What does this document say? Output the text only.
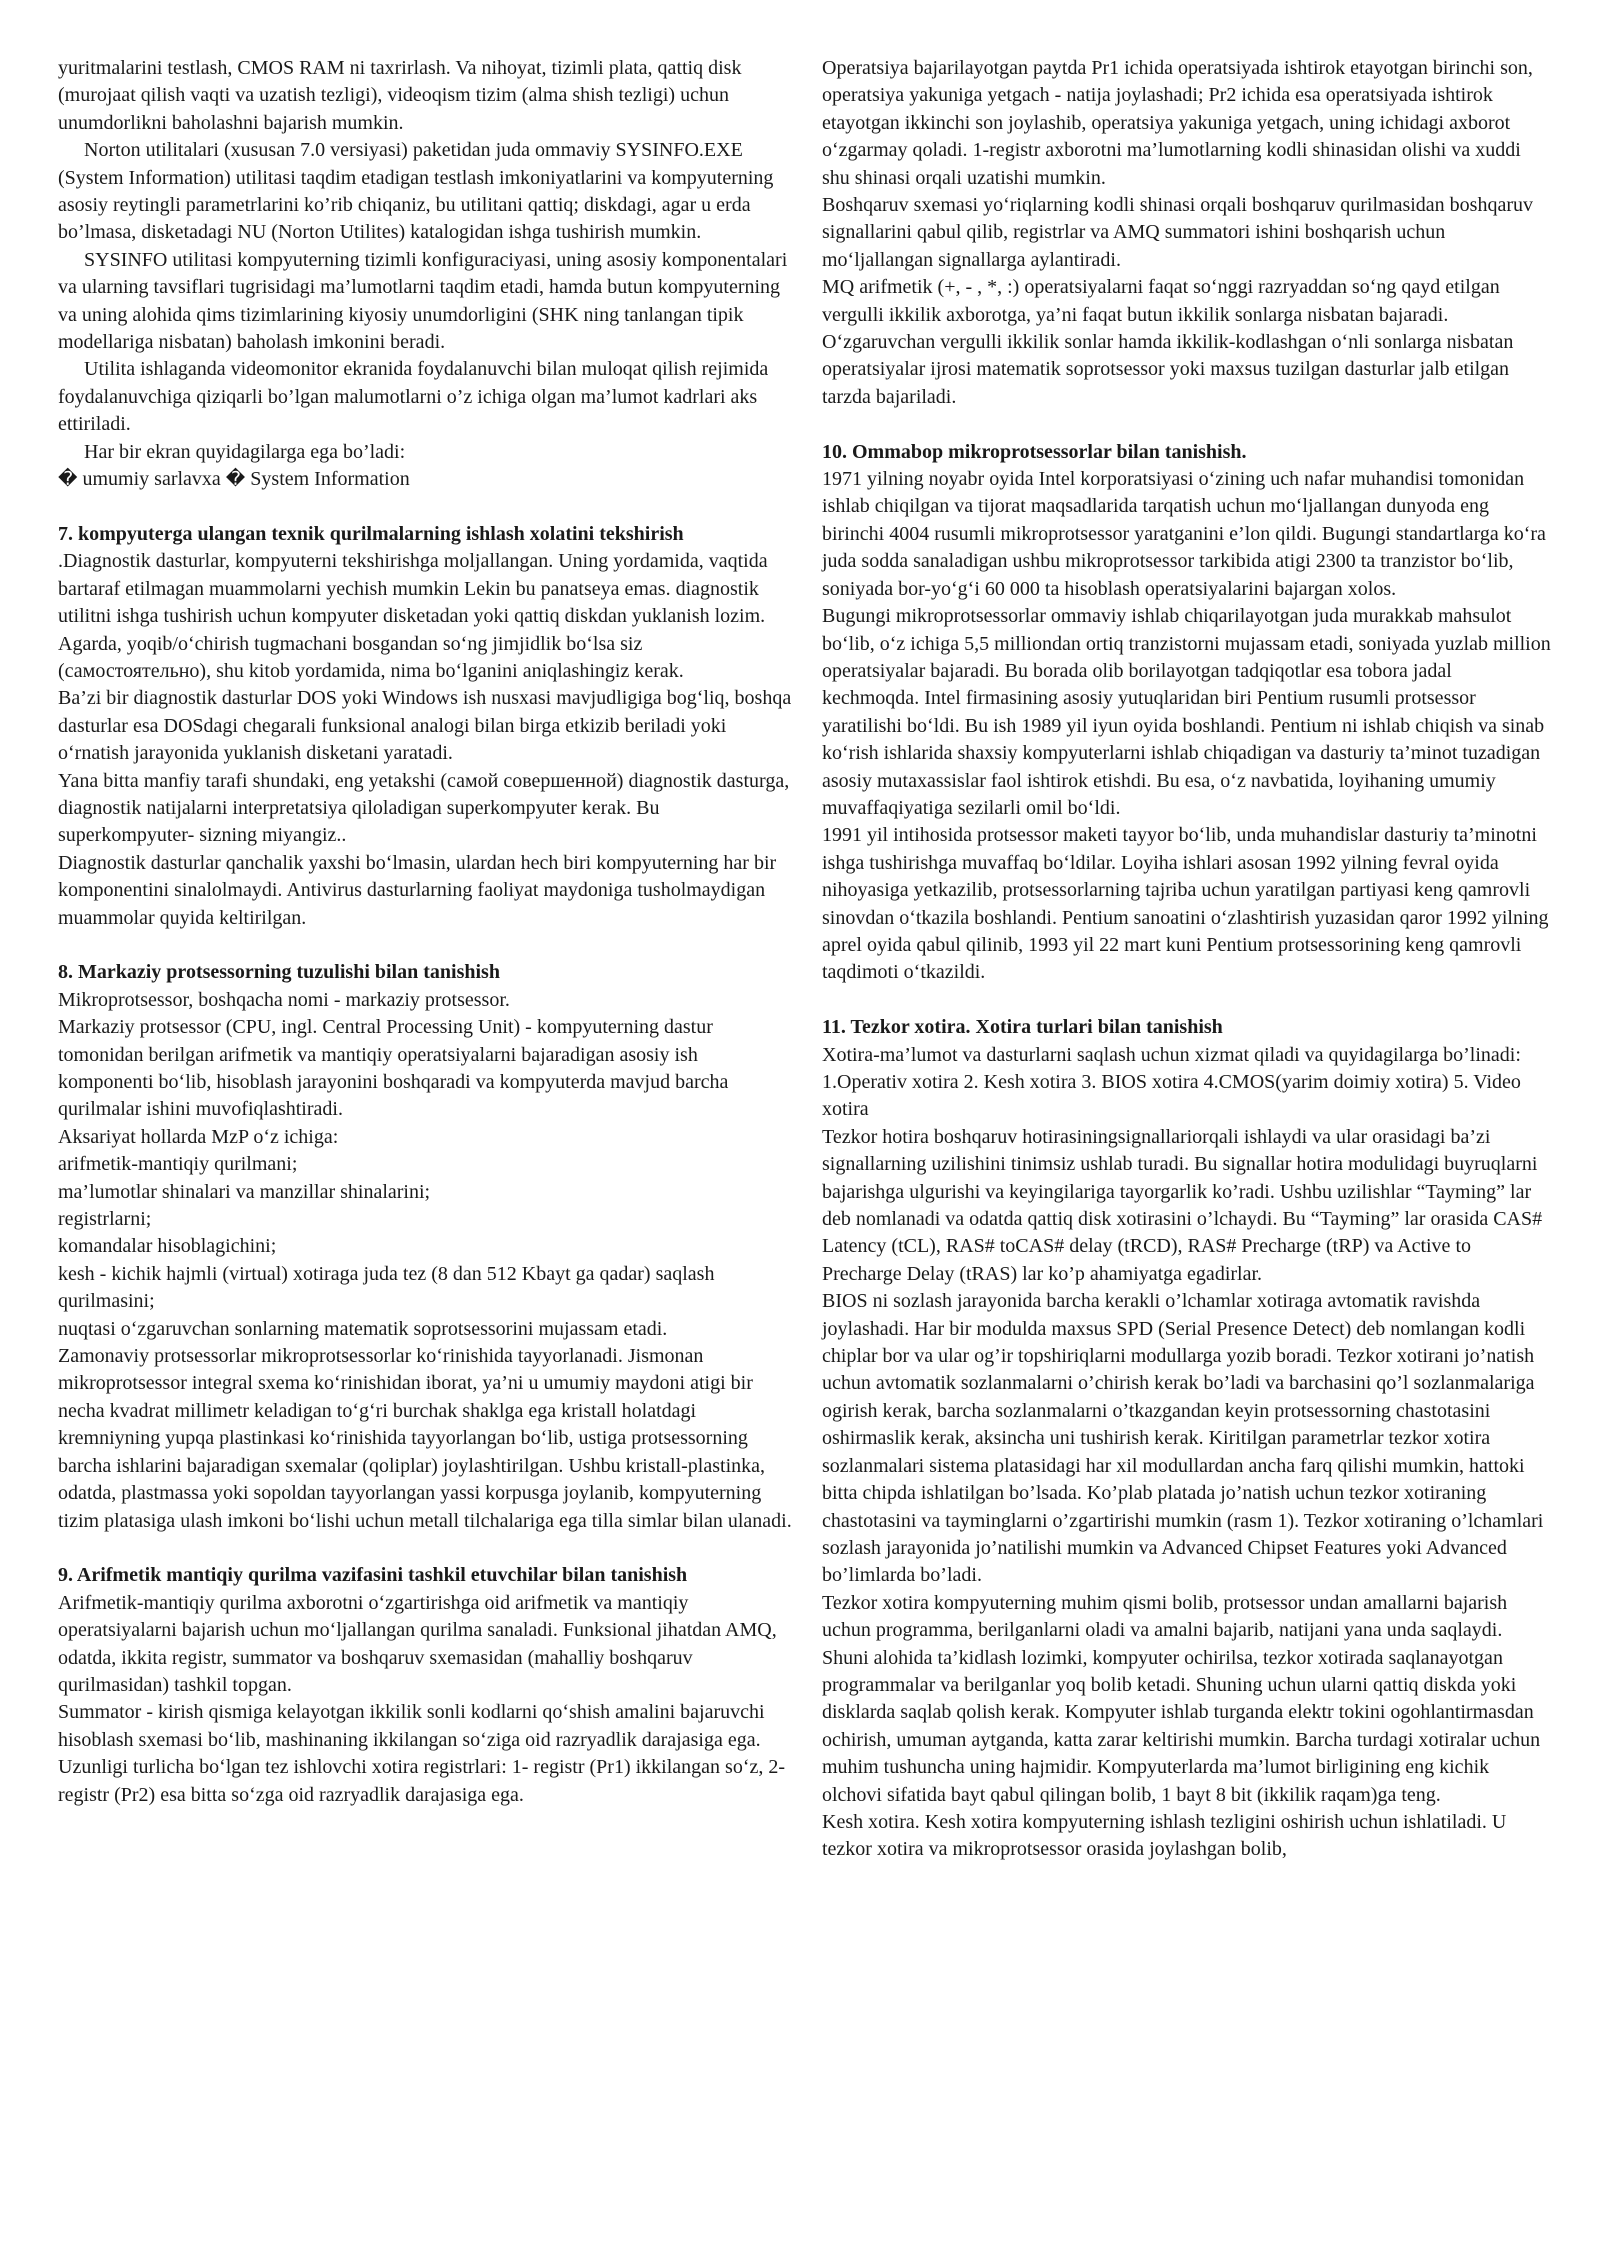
yuritmalarini testlash, CMOS RAM ni taxrirlash. Va nihoyat, tizimli plata, qattiq disk (murojaat qilish vaqti va uzatish tezligi), videoqism tizim (alma shish tezligi) uchun unumdorlikni baholashni bajarish mumkin.

Norton utilitalari (xususan 7.0 versiyasi) paketidan juda ommaviy SYSINFO.EXE (System Information) utilitasi taqdim etadigan testlash imkoniyatlarini va kompyuterning asosiy reytingli parametrlarini ko’rib chiqaniz, bu utilitani qattiq; diskdagi, agar u erda bo’lmasa, disketadagi NU (Norton Utilites) katalogidan ishga tushirish mumkin.

SYSINFO utilitasi kompyuterning tizimli konfiguraciyasi, uning asosiy komponentalari va ularning tavsiflari tugrisidagi ma’lumotlarni taqdim etadi, hamda butun kompyuterning va uning alohida qims tizimlarining kiyosiy unumdorligini (SHK ning tanlangan tipik modellariga nisbatan) baholash imkonini beradi.

Utilita ishlaganda videomonitor ekranida foydalanuvchi bilan muloqat qilish rejimida foydalanuvchiga qiziqarli bo’lgan malumotlarni o’z ichiga olgan ma’lumot kadrlari aks ettiriladi.

Har bir ekran quyidagilarga ega bo’ladi:

� umumiy sarlavxa � System Information

7. kompyuterga ulangan texnik qurilmalarning ishlash xolatini tekshirish

.Diagnostik dasturlar, kompyuterni tekshirishga moljallangan. Uning yordamida, vaqtida bartaraf etilmagan muammolarni yechish mumkin Lekin bu panatseya emas. diagnostik utilitni ishga tushirish uchun kompyuter disketadan yoki qattiq diskdan yuklanish lozim. Agarda, yoqib/o‘chirish tugmachani bosgandan so‘ng jimjidlik bo‘lsa siz (самостоятельно), shu kitob yordamida, nima bo‘lganini aniqlashingiz kerak.

Ba’zi bir diagnostik dasturlar DOS yoki Windows ish nusxasi mavjudligiga bog‘liq, boshqa dasturlar esa DOSdagi chegarali funksional analogi bilan birga etkizib beriladi yoki o‘rnatish jarayonida yuklanish disketani yaratadi.

Yana bitta manfiy tarafi shundaki, eng yetakshi (самой совершенной) diagnostik dasturga, diagnostik natijalarni interpretatsiya qiloladigan superkompyuter kerak. Bu superkompyuter- sizning miyangiz..

Diagnostik dasturlar qanchalik yaxshi bo‘lmasin, ulardan hech biri kompyuterning har bir komponentini sinalolmaydi. Antivirus dasturlarning faoliyat maydoniga tusholmaydigan muammolar quyida keltirilgan.

8. Markaziy protsessorning tuzulishi bilan tanishish

Mikroprotsessor, boshqacha nomi - markaziy protsessor.

Markaziy protsessor (CPU, ingl. Central Processing Unit) - kompyuterning dastur tomonidan berilgan arifmetik va mantiqiy operatsiyalarni bajaradigan asosiy ish komponenti bo‘lib, hisoblash jarayonini boshqaradi va kompyuterda mavjud barcha qurilmalar ishini muvofiqlashtiradi.

Aksariyat hollarda MzP o‘z ichiga:

arifmetik-mantiqiy qurilmani;

ma’lumotlar shinalari va manzillar shinalarini;

registrlarni;

komandalar hisoblagichini;

kesh - kichik hajmli (virtual) xotiraga juda tez (8 dan 512 Kbayt ga qadar) saqlash qurilmasini;

nuqtasi o‘zgaruvchan sonlarning matematik soprotsessorini mujassam etadi.

Zamonaviy protsessorlar mikroprotsessorlar ko‘rinishida tayyorlanadi. Jismonan mikroprotsessor integral sxema ko‘rinishidan iborat, ya’ni u umumiy maydoni atigi bir necha kvadrat millimetr keladigan to‘g‘ri burchak shaklga ega kristall holatdagi kremniyning yupqa plastinkasi ko‘rinishida tayyorlangan bo‘lib, ustiga protsessorning barcha ishlarini bajaradigan sxemalar (qoliplar) joylashtirilgan. Ushbu kristall-plastinka, odatda, plastmassa yoki sopoldan tayyorlangan yassi korpusga joylanib, kompyuterning tizim platasiga ulash imkoni bo‘lishi uchun metall tilchalariga ega tilla simlar bilan ulanadi.

9. Arifmetik mantiqiy qurilma vazifasini tashkil etuvchilar bilan tanishish

Arifmetik-mantiqiy qurilma axborotni o‘zgartirishga oid arifmetik va mantiqiy operatsiyalarni bajarish uchun mo‘ljallangan qurilma sanaladi. Funksional jihatdan AMQ, odatda, ikkita registr, summator va boshqaruv sxemasidan (mahalliy boshqaruv qurilmasidan) tashkil topgan.

Summator - kirish qismiga kelayotgan ikkilik sonli kodlarni qo‘shish amalini bajaruvchi hisoblash sxemasi bo‘lib, mashinaning ikkilangan so‘ziga oid razryadlik darajasiga ega.

Uzunligi turlicha bo‘lgan tez ishlovchi xotira registrlari: 1- registr (Pr1) ikkilangan so‘z, 2- registr (Pr2) esa bitta so‘zga oid razryadlik darajasiga ega.

Operatsiya bajarilayotgan paytda Pr1 ichida operatsiyada ishtirok etayotgan birinchi son, operatsiya yakuniga yetgach - natija joylashadi; Pr2 ichida esa operatsiyada ishtirok etayotgan ikkinchi son joylashib, operatsiya yakuniga yetgach, uning ichidagi axborot o‘zgarmay qoladi. 1-registr axborotni ma’lumotlarning kodli shinasidan olishi va xuddi shu shinasi orqali uzatishi mumkin.

Boshqaruv sxemasi yo‘riqlarning kodli shinasi orqali boshqaruv qurilmasidan boshqaruv signallarini qabul qilib, registrlar va AMQ summatori ishini boshqarish uchun mo‘ljallangan signallarga aylantiradi.

MQ arifmetik (+, - , *, :) operatsiyalarni faqat so‘nggi razryaddan so‘ng qayd etilgan vergulli ikkilik axborotga, ya’ni faqat butun ikkilik sonlarga nisbatan bajaradi.

O‘zgaruvchan vergulli ikkilik sonlar hamda ikkilik-kodlashgan o‘nli sonlarga nisbatan operatsiyalar ijrosi matematik soprotsessor yoki maxsus tuzilgan dasturlar jalb etilgan tarzda bajariladi.

10. Ommabop mikroprotsessorlar bilan tanishish.

1971 yilning noyabr oyida Intel korporatsiyasi o‘zining uch nafar muhandisi tomonidan ishlab chiqilgan va tijorat maqsadlarida tarqatish uchun mo‘ljallangan dunyoda eng birinchi 4004 rusumli mikroprotsessor yaratganini e’lon qildi. Bugungi standartlarga ko‘ra juda sodda sanaladigan ushbu mikroprotsessor tarkibida atigi 2300 ta tranzistor bo‘lib, soniyada bor-yo‘g‘i 60 000 ta hisoblash operatsiyalarini bajargan xolos.

Bugungi mikroprotsessorlar ommaviy ishlab chiqarilayotgan juda murakkab mahsulot bo‘lib, o‘z ichiga 5,5 milliondan ortiq tranzistorni mujassam etadi, soniyada yuzlab million operatsiyalar bajaradi. Bu borada olib borilayotgan tadqiqotlar esa tobora jadal kechmoqda. Intel firmasining asosiy yutuqlaridan biri Pentium rusumli protsessor yaratilishi bo‘ldi. Bu ish 1989 yil iyun oyida boshlandi. Pentium ni ishlab chiqish va sinab ko‘rish ishlarida shaxsiy kompyuterlarni ishlab chiqadigan va dasturiy ta’minot tuzadigan asosiy mutaxassislar faol ishtirok etishdi. Bu esa, o‘z navbatida, loyihaning umumiy muvaffaqiyatiga sezilarli omil bo‘ldi.

1991 yil intihosida protsessor maketi tayyor bo‘lib, unda muhandislar dasturiy ta’minotni ishga tushirishga muvaffaq bo‘ldilar. Loyiha ishlari asosan 1992 yilning fevral oyida nihoyasiga yetkazilib, protsessorlarning tajriba uchun yaratilgan partiyasi keng qamrovli sinovdan o‘tkazila boshlandi. Pentium sanoatini o‘zlashtirish yuzasidan qaror 1992 yilning aprel oyida qabul qilinib, 1993 yil 22 mart kuni Pentium protsessorining keng qamrovli taqdimoti o‘tkazildi.

11. Tezkor xotira. Xotira turlari bilan tanishish

Xotira-ma’lumot va dasturlarni saqlash uchun xizmat qiladi va quyidagilarga bo’linadi:

1.Operativ xotira 2. Kesh xotira 3. BIOS xotira 4.CMOS(yarim doimiy xotira) 5. Video xotira

Tezkor hotira boshqaruv hotirasiningsignallariorqali ishlaydi va ular orasidagi ba’zi signallarning uzilishini tinimsiz ushlab turadi. Bu signallar hotira modulidagi buyruqlarni bajarishga ulgurishi va keyingilariga tayorgarlik ko’radi. Ushbu uzilishlar “Tayming” lar deb nomlanadi va odatda qattiq disk xotirasini o’lchaydi. Bu “Tayming” lar orasida CAS# Latency (tCL), RAS# toCAS# delay (tRCD), RAS# Precharge (tRP) va Active to Precharge Delay (tRAS) lar ko’p ahamiyatga egadirlar.

BIOS ni sozlash jarayonida barcha kerakli o’lchamlar xotiraga avtomatik ravishda joylashadi. Har bir modulda maxsus SPD (Serial Presence Detect) deb nomlangan kodli chiplar bor va ular og’ir topshiriqlarni modullarga yozib boradi. Tezkor xotirani jo’natish uchun avtomatik sozlanmalarni o’chirish kerak bo’ladi va barchasini qo’l sozlanmalariga ogirish kerak, barcha sozlanmalarni o’tkazgandan keyin protsessorning chastotasini oshirmaslik kerak, aksincha uni tushirish kerak. Kiritilgan parametrlar tezkor xotira sozlanmalari sistema platasidagi har xil modullardan ancha farq qilishi mumkin, hattoki bitta chipda ishlatilgan bo’lsada. Ko’plab platada jo’natish uchun tezkor xotiraning chastotasini va tayminglarni o’zgartirishi mumkin (rasm 1). Tezkor xotiraning o’lchamlari sozlash jarayonida jo’natilishi mumkin va Advanced Chipset Features yoki Advanced bo’limlarda bo’ladi.

Tezkor xotira kompyuterning muhim qismi bolib, protsessor undan amallarni bajarish uchun programma, berilganlarni oladi va amalni bajarib, natijani yana unda saqlaydi. Shuni alohida ta’kidlash lozimki, kompyuter ochirilsa, tezkor xotirada saqlanayotgan programmalar va berilganlar yoq bolib ketadi. Shuning uchun ularni qattiq diskda yoki disklarda saqlab qolish kerak. Kompyuter ishlab turganda elektr tokini ogohlantirmasdan ochirish, umuman aytganda, katta zarar keltirishi mumkin. Barcha turdagi xotiralar uchun muhim tushuncha uning hajmidir. Kompyuterlarda ma’lumot birligining eng kichik olchovi sifatida bayt qabul qilingan bolib, 1 bayt 8 bit (ikkilik raqam)ga teng.

Kesh xotira. Kesh xotira kompyuterning ishlash tezligini oshirish uchun ishlatiladi. U tezkor xotira va mikroprotsessor orasida joylashgan bolib,
